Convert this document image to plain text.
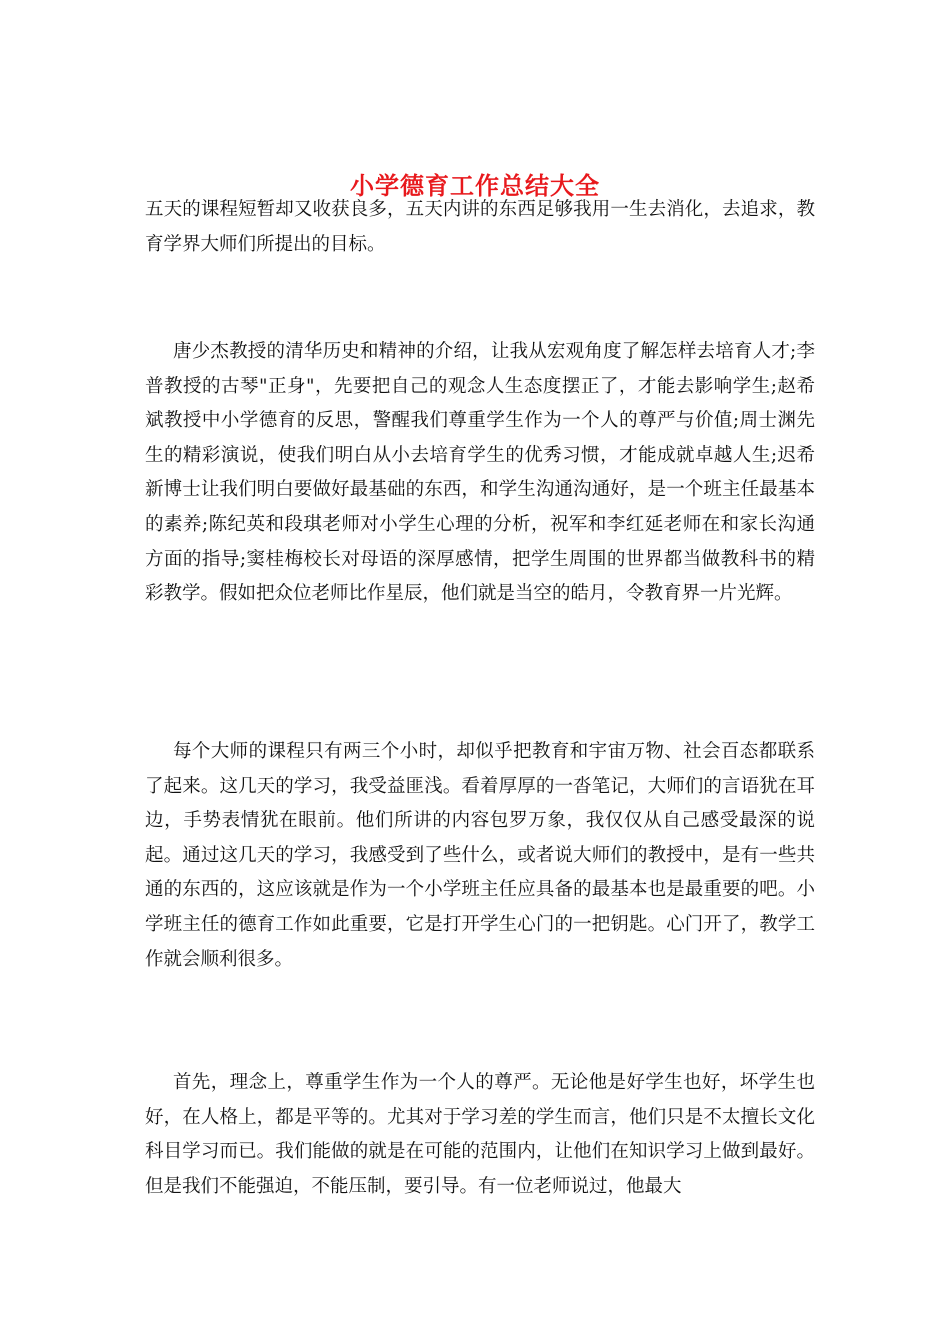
小学德育工作总结大全

五天的课程短暂却又收获良多，五天内讲的东西足够我用一生去消化，去追求，教育学界大师们所提出的目标。

唐少杰教授的清华历史和精神的介绍，让我从宏观角度了解怎样去培育人才;李普教授的古琴"正身"，先要把自己的观念人生态度摆正了，才能去影响学生;赵希斌教授中小学德育的反思，警醒我们尊重学生作为一个人的尊严与价值;周士渊先生的精彩演说，使我们明白从小去培育学生的优秀习惯，才能成就卓越人生;迟希新博士让我们明白要做好最基础的东西，和学生沟通沟通好，是一个班主任最基本的素养;陈纪英和段琪老师对小学生心理的分析，祝军和李红延老师在和家长沟通方面的指导;窦桂梅校长对母语的深厚感情，把学生周围的世界都当做教科书的精彩教学。假如把众位老师比作星辰，他们就是当空的皓月，令教育界一片光辉。

每个大师的课程只有两三个小时，却似乎把教育和宇宙万物、社会百态都联系了起来。这几天的学习，我受益匪浅。看着厚厚的一沓笔记，大师们的言语犹在耳边，手势表情犹在眼前。他们所讲的内容包罗万象，我仅仅从自己感受最深的说起。通过这几天的学习，我感受到了些什么，或者说大师们的教授中，是有一些共通的东西的，这应该就是作为一个小学班主任应具备的最基本也是最重要的吧。小学班主任的德育工作如此重要，它是打开学生心门的一把钥匙。心门开了，教学工作就会顺利很多。

首先，理念上，尊重学生作为一个人的尊严。无论他是好学生也好，坏学生也好，在人格上，都是平等的。尤其对于学习差的学生而言，他们只是不太擅长文化科目学习而已。我们能做的就是在可能的范围内，让他们在知识学习上做到最好。但是我们不能强迫，不能压制，要引导。有一位老师说过，他最大
